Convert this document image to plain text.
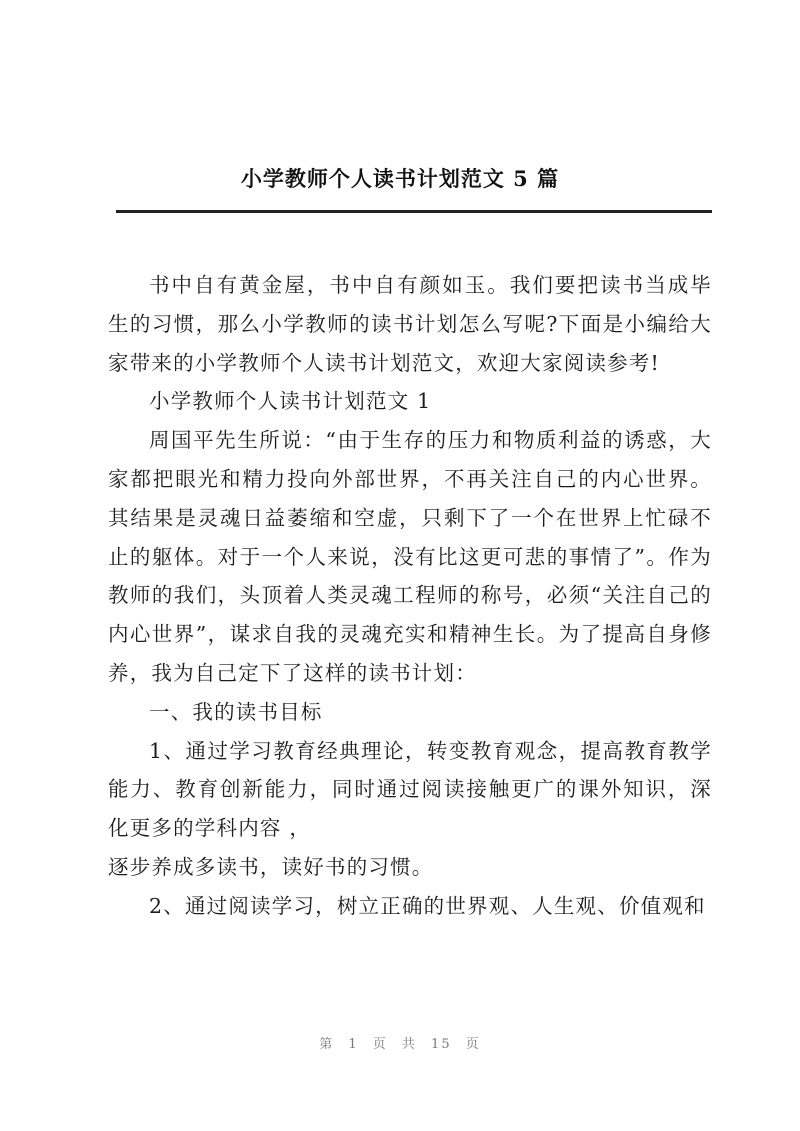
小学教师个人读书计划范文 5 篇

书中自有黄金屋，书中自有颜如玉。我们要把读书当成毕生的习惯，那么小学教师的读书计划怎么写呢?下面是小编给大家带来的小学教师个人读书计划范文，欢迎大家阅读参考!

小学教师个人读书计划范文 1

周国平先生所说：“由于生存的压力和物质利益的诱惑，大家都把眼光和精力投向外部世界，不再关注自己的内心世界。其结果是灵魂日益萎缩和空虚，只剩下了一个在世界上忙碌不止的躯体。对于一个人来说，没有比这更可悲的事情了”。作为教师的我们，头顶着人类灵魂工程师的称号，必须“关注自己的内心世界”，谋求自我的灵魂充实和精神生长。为了提高自身修养，我为自己定下了这样的读书计划：

一、我的读书目标

1、通过学习教育经典理论，转变教育观念，提高教育教学能力、教育创新能力，同时通过阅读接触更广的课外知识，深化更多的学科内容 ，

逐步养成多读书，读好书的习惯。

2、通过阅读学习，树立正确的世界观、人生观、价值观和

第 1 页 共 15 页
